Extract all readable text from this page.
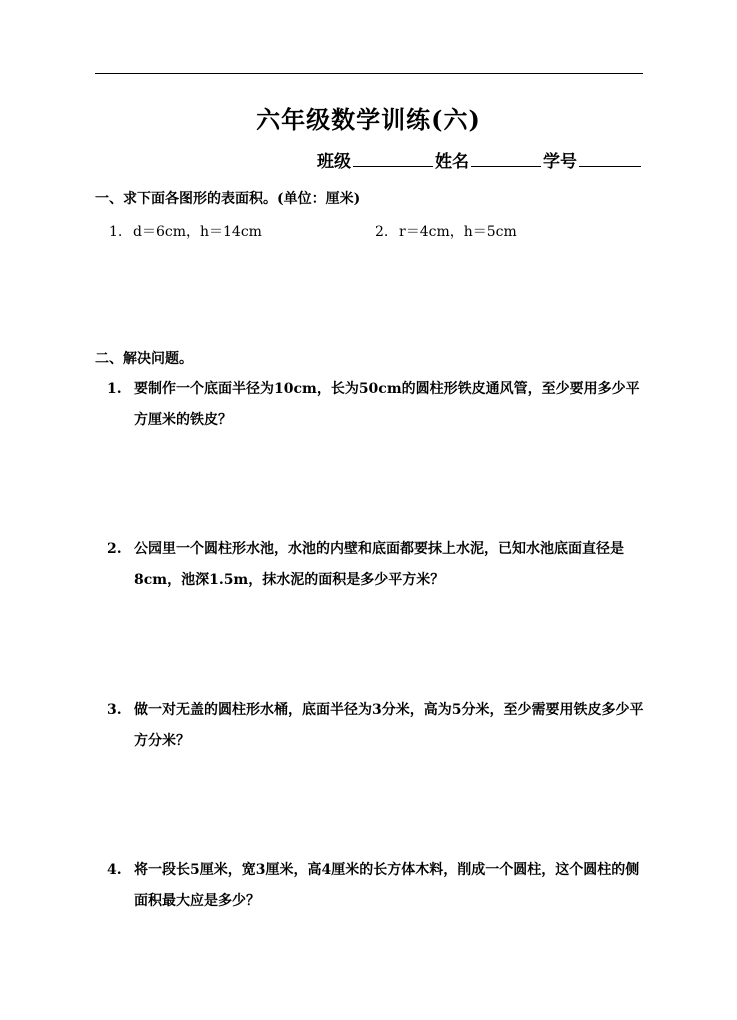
六年级数学训练(六)
班级	姓名	学号
一、求下面各图形的表面积。(单位：厘米)
1. d＝6cm，h＝14cm	2. r＝4cm，h＝5cm
二、解决问题。
1. 要制作一个底面半径为10cm，长为50cm的圆柱形铁皮通风管，至少要用多少平方厘米的铁皮？
2. 公园里一个圆柱形水池，水池的内壁和底面都要抹上水泥，已知水池底面直径是8cm，池深1.5m，抹水泥的面积是多少平方米？
3. 做一对无盖的圆柱形水桶，底面半径为3分米，高为5分米，至少需要用铁皮多少平方分米？
4. 将一段长5厘米，宽3厘米，高4厘米的长方体木料，削成一个圆柱，这个圆柱的侧面积最大应是多少？
